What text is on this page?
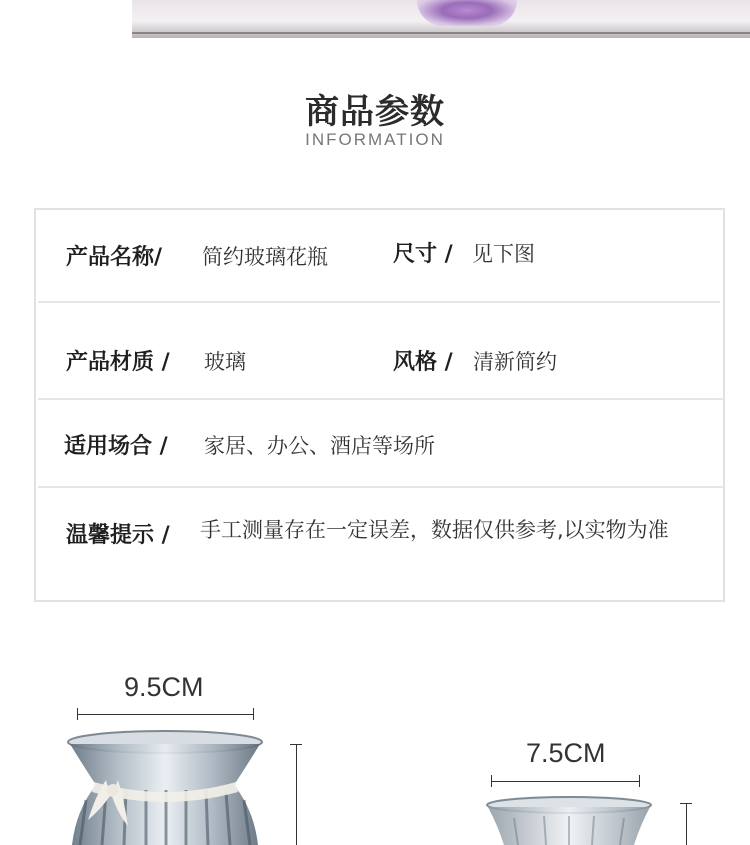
商品参数
INFORMATION
产品名称/ 简约玻璃花瓶	尺寸 / 见下图
产品材质 / 玻璃	风格 / 清新简约
适用场合 / 家居、办公、酒店等场所
温馨提示 / 手工测量存在一定误差，数据仅供参考,以实物为准
9.5CM
7.5CM
